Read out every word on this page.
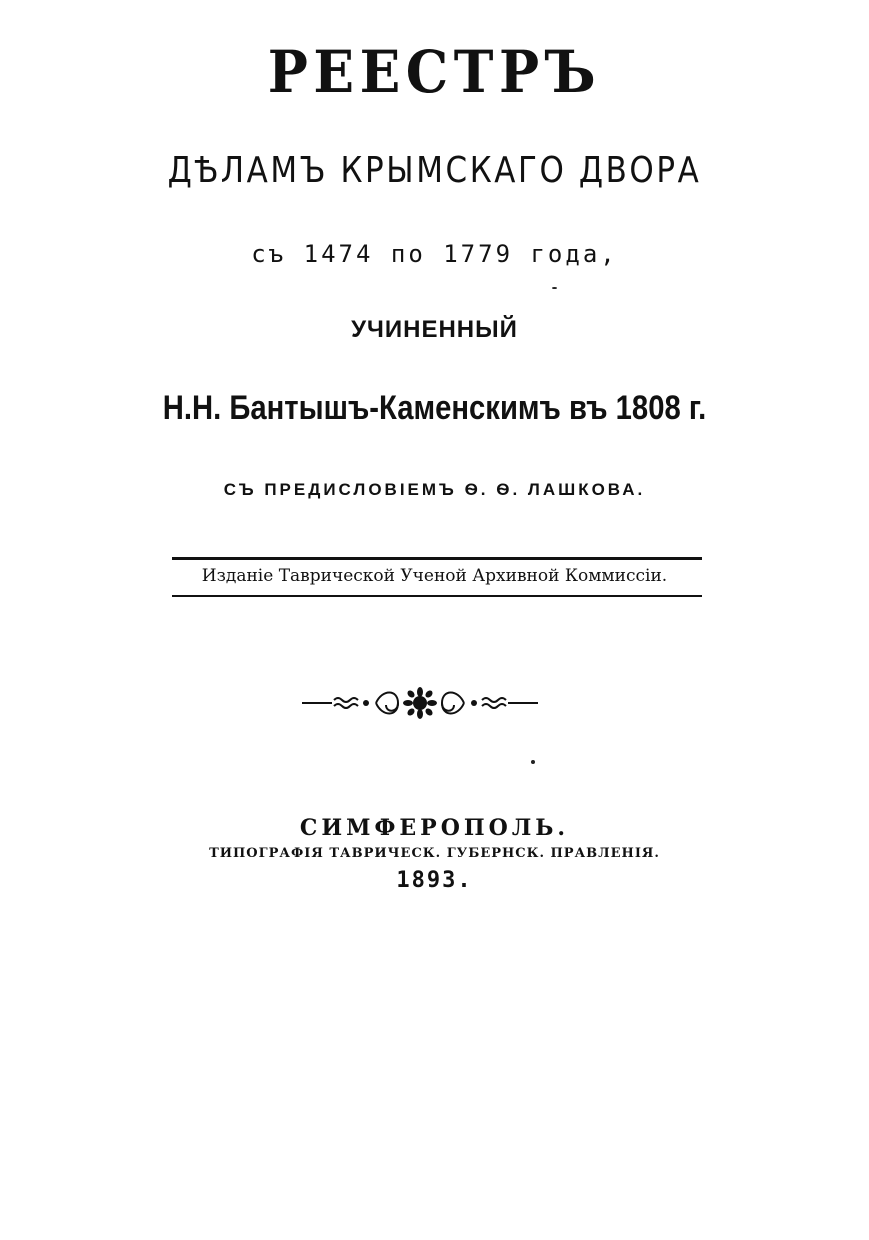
РЕЕСТРЪ
ДѢЛАМЪ КРЫМСКАГО ДВОРА
съ 1474 по 1779 года,
УЧИНЕННЫЙ
Н.Н. Бантышъ-Каменскимъ въ 1808 г.
СЪ ПРЕДИСЛОВІЕМЪ Ѳ. Ѳ. ЛАШКОВА.
Изданіе Таврической Ученой Архивной Коммиссіи.
СИМФЕРОПОЛЬ.
ТИПОГРАФІЯ ТАВРИЧЕСК. ГУБЕРНСК. ПРАВЛЕНІЯ.
1893.
